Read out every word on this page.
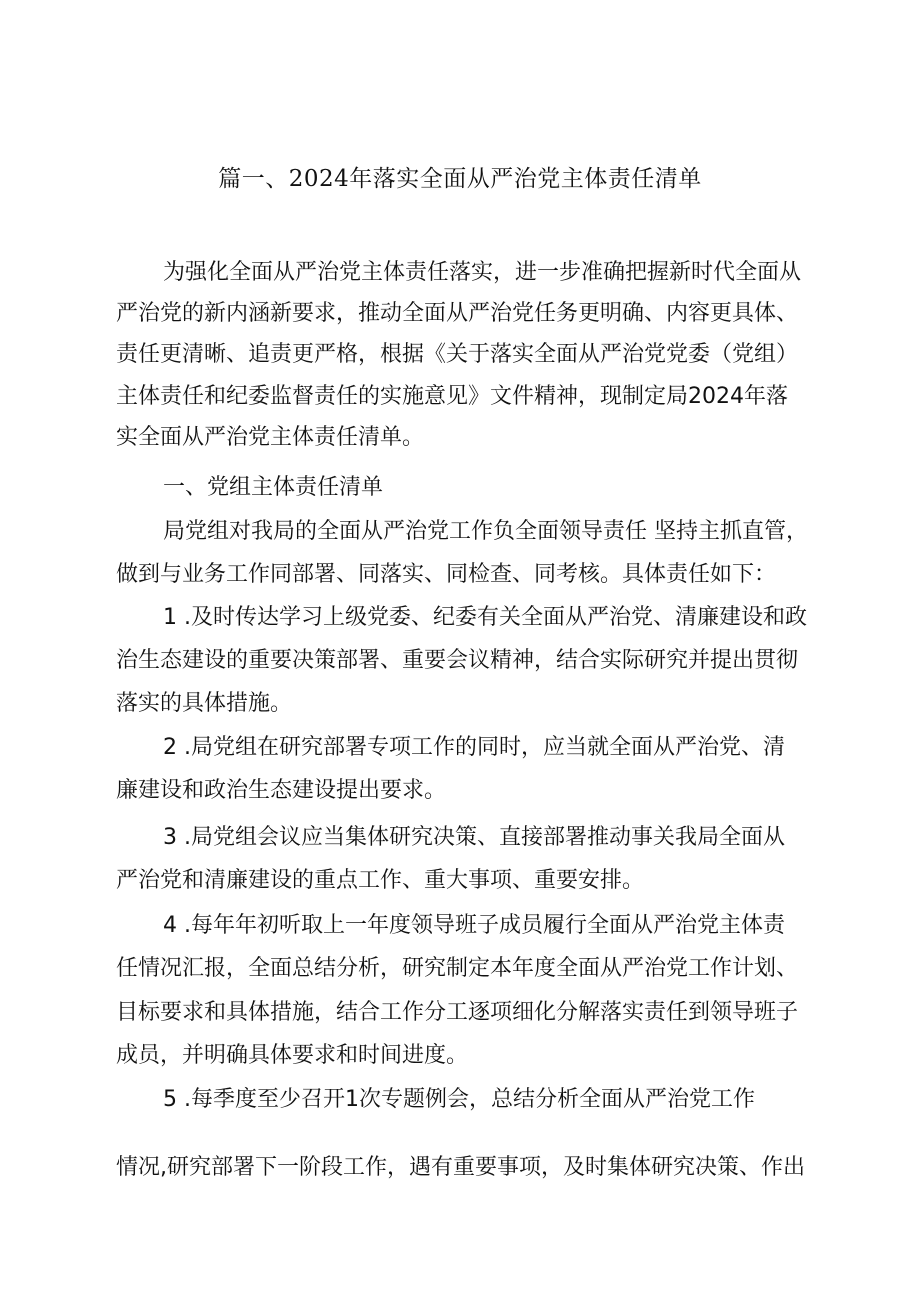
篇一、2024年落实全面从严治党主体责任清单
为强化全面从严治党主体责任落实，进一步准确把握新时代全面从
严治党的新内涵新要求，推动全面从严治党任务更明确、内容更具体、
责任更清晰、追责更严格，根据《关于落实全面从严治党党委（党组）
主体责任和纪委监督责任的实施意见》文件精神，现制定局2024年落
实全面从严治党主体责任清单。
一、党组主体责任清单
局党组对我局的全面从严治党工作负全面领导责任 坚持主抓直管，
做到与业务工作同部署、同落实、同检查、同考核。具体责任如下：
1 .及时传达学习上级党委、纪委有关全面从严治党、清廉建设和政
治生态建设的重要决策部署、重要会议精神，结合实际研究并提出贯彻
落实的具体措施。
2 .局党组在研究部署专项工作的同时，应当就全面从严治党、清
廉建设和政治生态建设提出要求。
3 .局党组会议应当集体研究决策、直接部署推动事关我局全面从
严治党和清廉建设的重点工作、重大事项、重要安排。
4 .每年年初听取上一年度领导班子成员履行全面从严治党主体责
任情况汇报，全面总结分析，研究制定本年度全面从严治党工作计划、
目标要求和具体措施，结合工作分工逐项细化分解落实责任到领导班子
成员，并明确具体要求和时间进度。
5 .每季度至少召开1次专题例会，总结分析全面从严治党工作
情况,研究部署下一阶段工作，遇有重要事项，及时集体研究决策、作出
